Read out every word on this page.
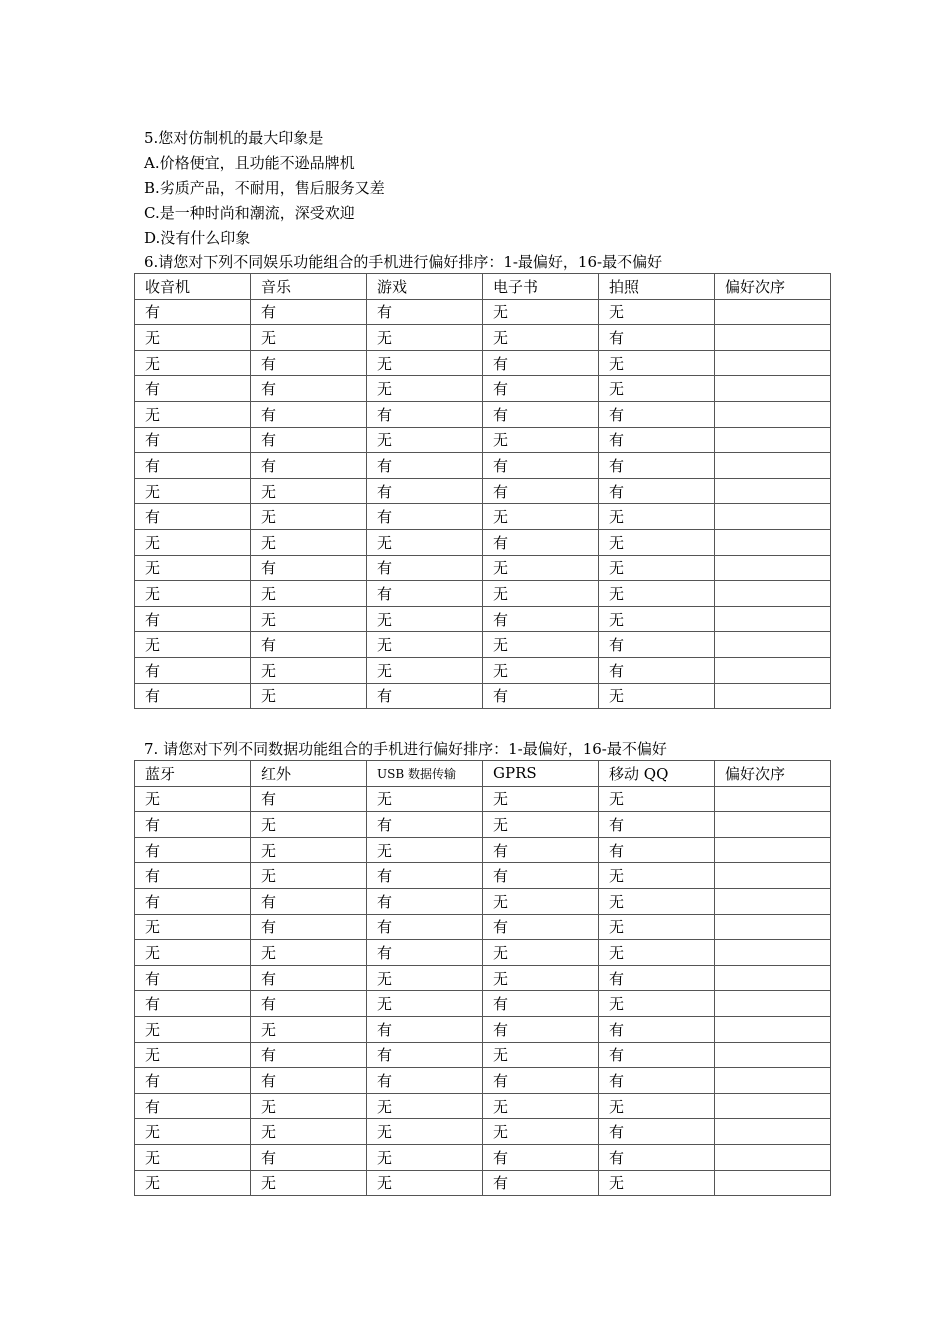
5.您对仿制机的最大印象是
A.价格便宜，且功能不逊品牌机
B.劣质产品，不耐用，售后服务又差
C.是一种时尚和潮流，深受欢迎
D.没有什么印象
6.请您对下列不同娱乐功能组合的手机进行偏好排序：1-最偏好，16-最不偏好
收音机	音乐	游戏	电子书	拍照	偏好次序
有	有	有	无	无	
无	无	无	无	有	
无	有	无	有	无	
有	有	无	有	无	
无	有	有	有	有	
有	有	无	无	有	
有	有	有	有	有	
无	无	有	有	有	
有	无	有	无	无	
无	无	无	有	无	
无	有	有	无	无	
无	无	有	无	无	
有	无	无	有	无	
无	有	无	无	有	
有	无	无	无	有	
有	无	有	有	无	
7. 请您对下列不同数据功能组合的手机进行偏好排序：1-最偏好，16-最不偏好
蓝牙	红外	USB 数据传输	GPRS	移动 QQ	偏好次序
无	有	无	无	无	
有	无	有	无	有	
有	无	无	有	有	
有	无	有	有	无	
有	有	有	无	无	
无	有	有	有	无	
无	无	有	无	无	
有	有	无	无	有	
有	有	无	有	无	
无	无	有	有	有	
无	有	有	无	有	
有	有	有	有	有	
有	无	无	无	无	
无	无	无	无	有	
无	有	无	有	有	
无	无	无	有	无	
